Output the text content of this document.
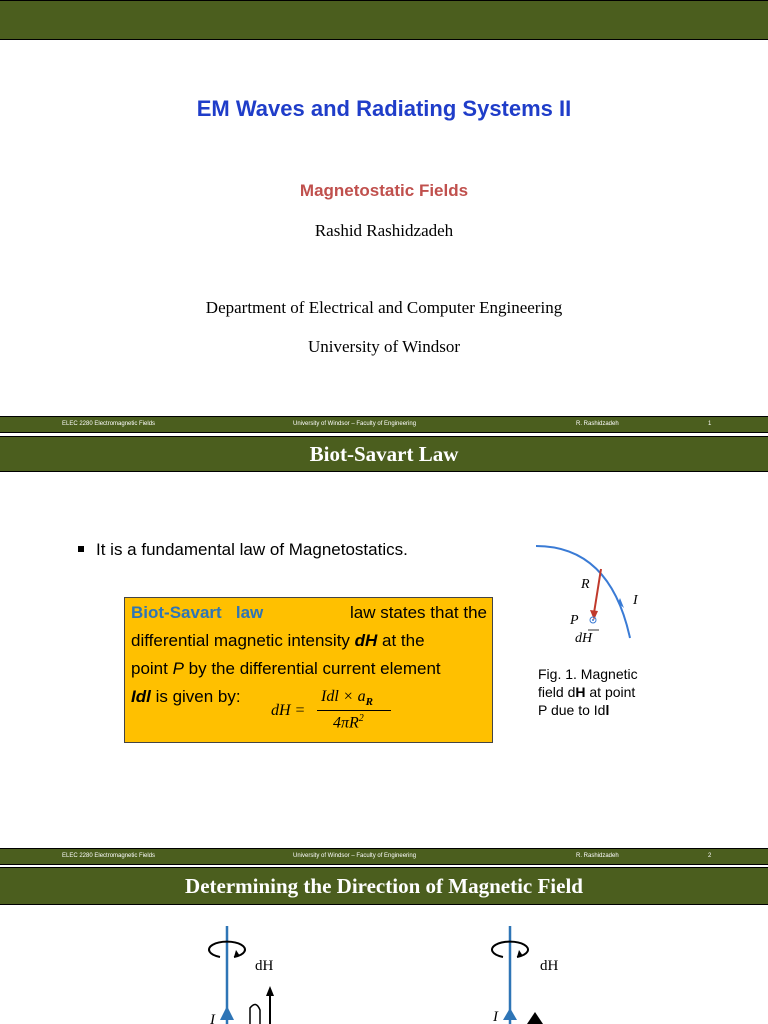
EM Waves and Radiating Systems II
Magnetostatic Fields
Rashid Rashidzadeh
Department of Electrical and Computer Engineering
University of Windsor
ELEC 2280 Electromagnetic Fields	University of Windsor – Faculty of Engineering	R. Rashidzadeh	1
Biot-Savart Law
It is a fundamental law of Magnetostatics.
Biot-Savart law	law states that the
differential magnetic intensity dH at the
point P by the differential current element
Idl is given by:
dH =
Idl × $a_R$
$4\pi R^2$
R
I
P
dH
Fig. 1. Magnetic
field dH at point
P due to Idl
ELEC 2280 Electromagnetic Fields	University of Windsor – Faculty of Engineering	R. Rashidzadeh	2
Determining the Direction of Magnetic Field
dH
I
dH
I
